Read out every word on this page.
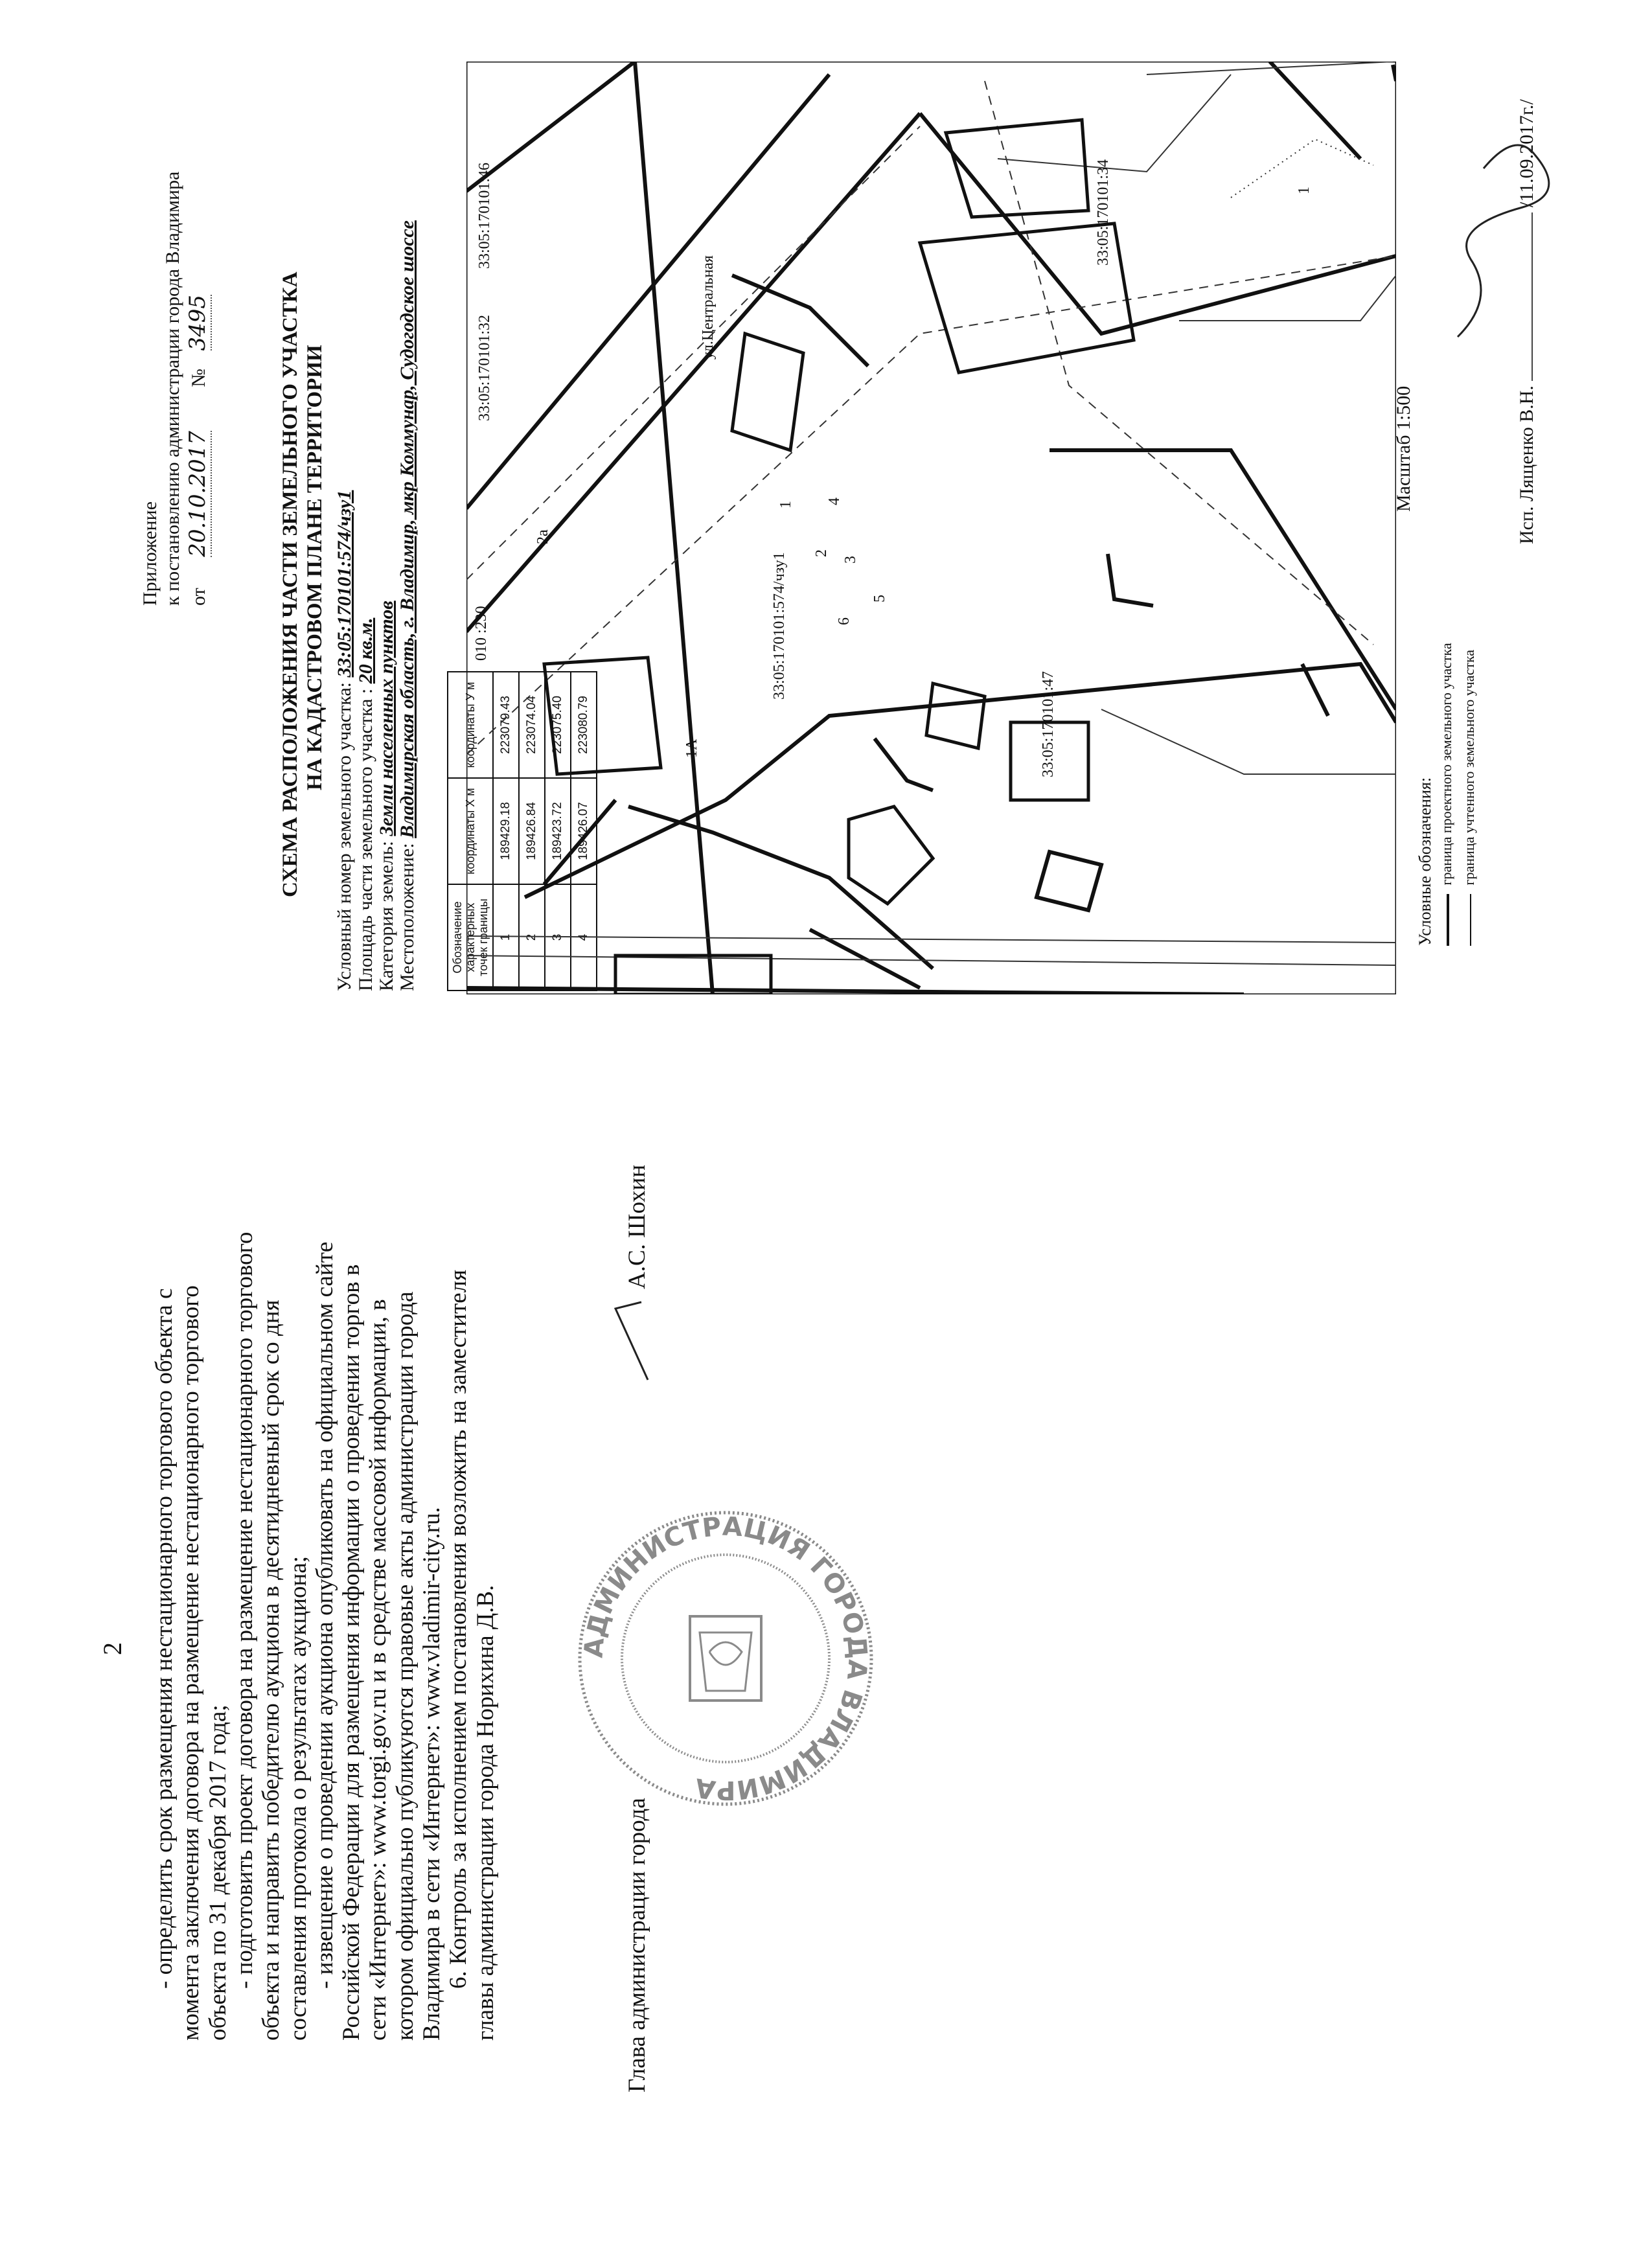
2 - определить срок размещения нестационарного торгового объекта с момента заключения договора на размещение нестационарного торгового объекта по 31 декабря 2017 года; - подготовить проект договора на размещение нестационарного торгового объекта и направить победителю аукциона в десятидневный срок со дня составления протокола о результатах аукциона; - извещение о проведении аукциона опубликовать на официальном сайте Российской Федерации для размещения информации о проведении торгов в сети «Интернет»: www.torgi.gov.ru и в средстве массовой информации, в котором официально публикуются правовые акты администрации города Владимира в сети «Интернет»: www.vladimir-city.ru. 6. Контроль за исполнением постановления возложить на заместителя главы администрации города Норихина Д.В.	Глава администрации города
А.С. Шохин
АДМИНИСТРАЦИЯ ГОРОДА ВЛАДИМИРА
Приложение к постановлению администрации города Владимира от 20.10.2017 № 3495	СХЕМА РАСПОЛОЖЕНИЯ ЧАСТИ ЗЕМЕЛЬНОГО УЧАСТКА НА КАДАСТРОВОМ ПЛАНЕ ТЕРРИТОРИИ
Условный номер земельного участка: 33:05:170101:574/чзу1
Площадь части земельного участка : 20 кв.м.
Категория земель: Земли населенных пунктов
Местоположение: Владимирская область, г. Владимир, мкр Коммунар, Судогодское шоссе
Обозначение характерных точек границы	координаты Х м	координаты У м
1	189429.18	223079.43
2	189426.84	223074.04
3	189423.72	223075.40
4	189426.07	223080.79
ул.Центральная
33:05:170101:574/чзу1
33:05:170101:47
33:05:170101:32
33:05:170101:46	33:05:170101:34
010 :230
1А
2а
1
2
3
4
5
6
1
Масштаб 1:500
Условные обозначения: граница проектного земельного участка граница учтенного земельного участка
Исп. Лященко В.Н.  /11.09.2017г./
